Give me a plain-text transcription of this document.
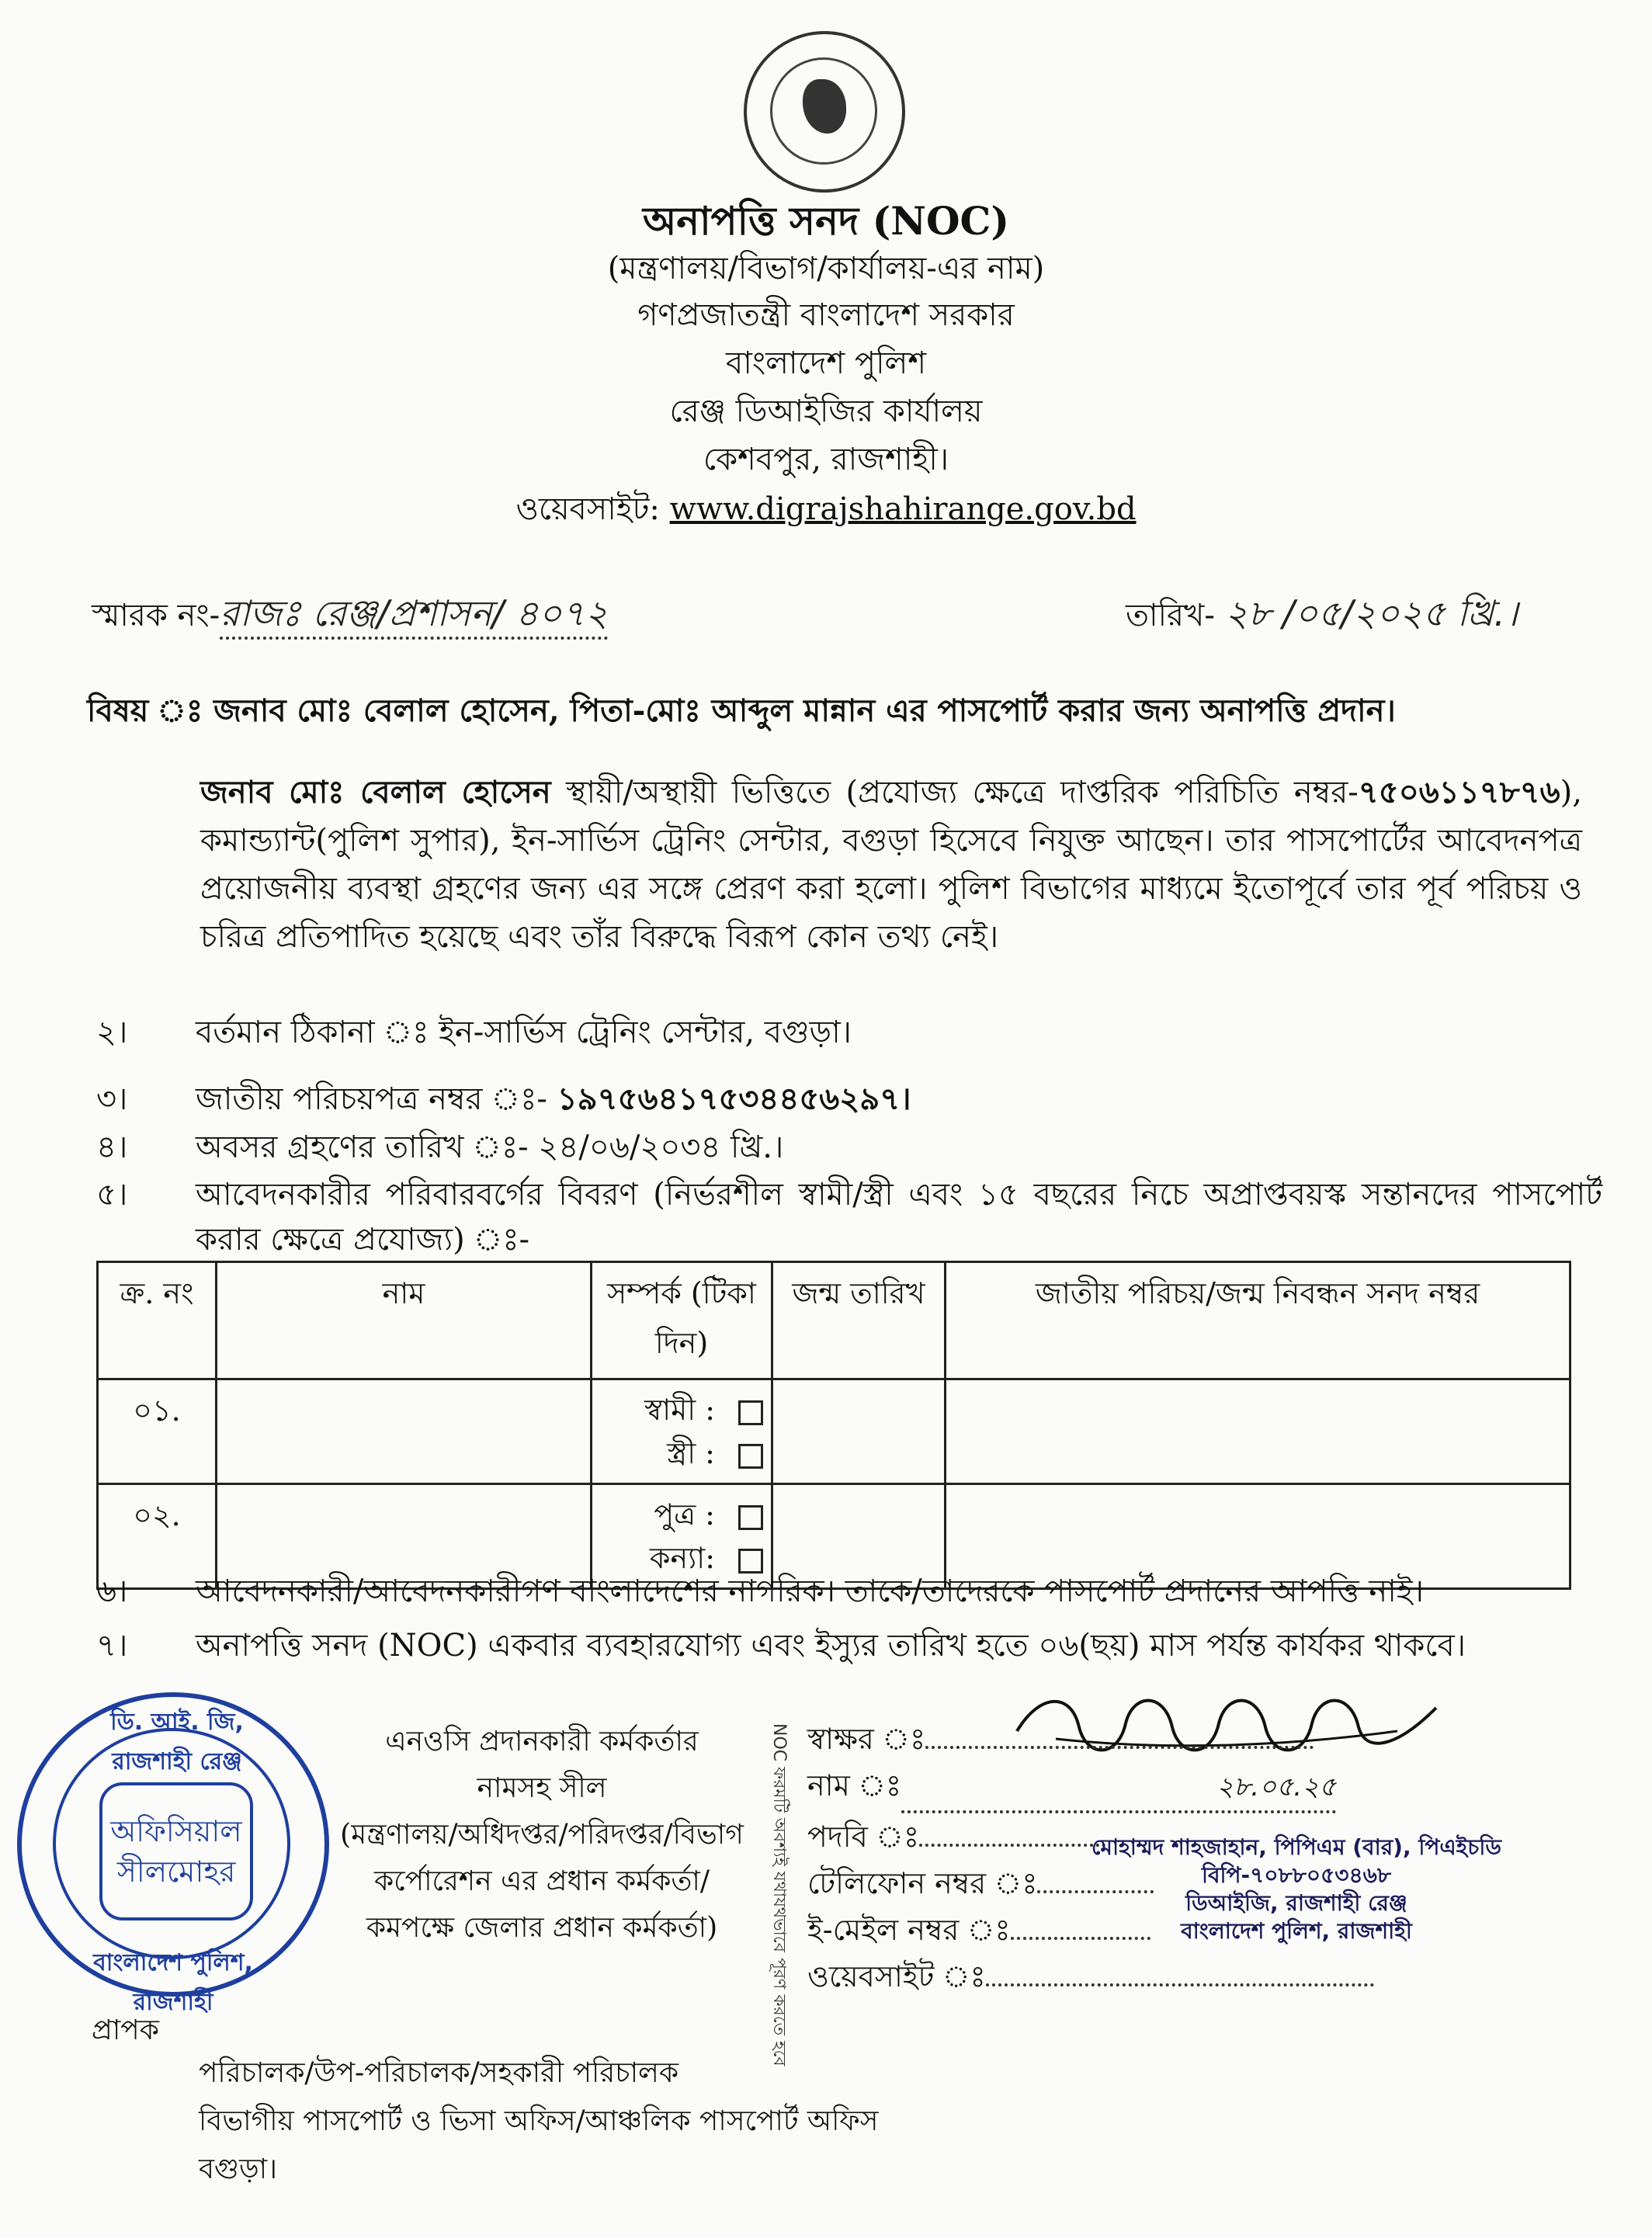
অনাপত্তি সনদ (NOC)
(মন্ত্রণালয়/বিভাগ/কার্যালয়-এর নাম)
গণপ্রজাতন্ত্রী বাংলাদেশ সরকার
বাংলাদেশ পুলিশ
রেঞ্জ ডিআইজির কার্যালয়
কেশবপুর, রাজশাহী।
ওয়েবসাইট: www.digrajshahirange.gov.bd
স্মারক নং-রাজঃ রেঞ্জ/প্রশাসন/ ৪০৭২	তারিখ- ২৮ /০৫/২০২৫ খ্রি.।
বিষয় ঃ জনাব মোঃ বেলাল হোসেন, পিতা-মোঃ আব্দুল মান্নান এর পাসপোর্ট করার জন্য অনাপত্তি প্রদান।
জনাব মোঃ বেলাল হোসেন স্থায়ী/অস্থায়ী ভিত্তিতে (প্রযোজ্য ক্ষেত্রে দাপ্তরিক পরিচিতি নম্বর-৭৫০৬১১৭৮৭৬), কমান্ড্যান্ট(পুলিশ সুপার), ইন-সার্ভিস ট্রেনিং সেন্টার, বগুড়া হিসেবে নিযুক্ত আছেন। তার পাসপোর্টের আবেদনপত্র প্রয়োজনীয় ব্যবস্থা গ্রহণের জন্য এর সঙ্গে প্রেরণ করা হলো। পুলিশ বিভাগের মাধ্যমে ইতোপূর্বে তার পূর্ব পরিচয় ও চরিত্র প্রতিপাদিত হয়েছে এবং তাঁর বিরুদ্ধে বিরূপ কোন তথ্য নেই।
২। বর্তমান ঠিকানা ঃ ইন-সার্ভিস ট্রেনিং সেন্টার, বগুড়া।
৩। জাতীয় পরিচয়পত্র নম্বর ঃ- ১৯৭৫৬৪১৭৫৩৪৪৫৬২৯৭।
৪। অবসর গ্রহণের তারিখ ঃ- ২৪/০৬/২০৩৪ খ্রি.।
৫। আবেদনকারীর পরিবারবর্গের বিবরণ (নির্ভরশীল স্বামী/স্ত্রী এবং ১৫ বছরের নিচে অপ্রাপ্তবয়স্ক সন্তানদের পাসপোর্ট করার ক্ষেত্রে প্রযোজ্য) ঃ-
ক্র. নং	নাম	সম্পর্ক (টিকা দিন)	জন্ম তারিখ	জাতীয় পরিচয়/জন্ম নিবন্ধন সনদ নম্বর
০১.		স্বামী :
স্ত্রী :		
০২.		পুত্র :
কন্যা:		
৬। আবেদনকারী/আবেদনকারীগণ বাংলাদেশের নাগরিক। তাকে/তাদেরকে পাসপোর্ট প্রদানের আপত্তি নাই।
৭। অনাপত্তি সনদ (NOC) একবার ব্যবহারযোগ্য এবং ইস্যুর তারিখ হতে ০৬(ছয়) মাস পর্যন্ত কার্যকর থাকবে।
ডি. আই. জি, রাজশাহী রেঞ্জ
অফিসিয়াল
সীলমোহর
বাংলাদেশ পুলিশ, রাজশাহী
এনওসি প্রদানকারী কর্মকর্তার
নামসহ সীল
(মন্ত্রণালয়/অধিদপ্তর/পরিদপ্তর/বিভাগ
কর্পোরেশন এর প্রধান কর্মকর্তা/
কমপক্ষে জেলার প্রধান কর্মকর্তা)	NOC ফরমটি অবশ্যই যথাযথভাবে পূরণ করতে হবে স্বাক্ষর ঃ
নাম ঃ	২৮.০৫.২৫
পদবি ঃ
টেলিফোন নম্বর ঃ
ই-মেইল নম্বর ঃ
ওয়েবসাইট ঃ
মোহাম্মদ শাহজাহান, পিপিএম (বার), পিএইচডি
বিপি-৭০৮৮০৫৩৪৬৮
ডিআইজি, রাজশাহী রেঞ্জ
বাংলাদেশ পুলিশ, রাজশাহী
প্রাপক
পরিচালক/উপ-পরিচালক/সহকারী পরিচালক
বিভাগীয় পাসপোর্ট ও ভিসা অফিস/আঞ্চলিক পাসপোর্ট অফিস
বগুড়া।
